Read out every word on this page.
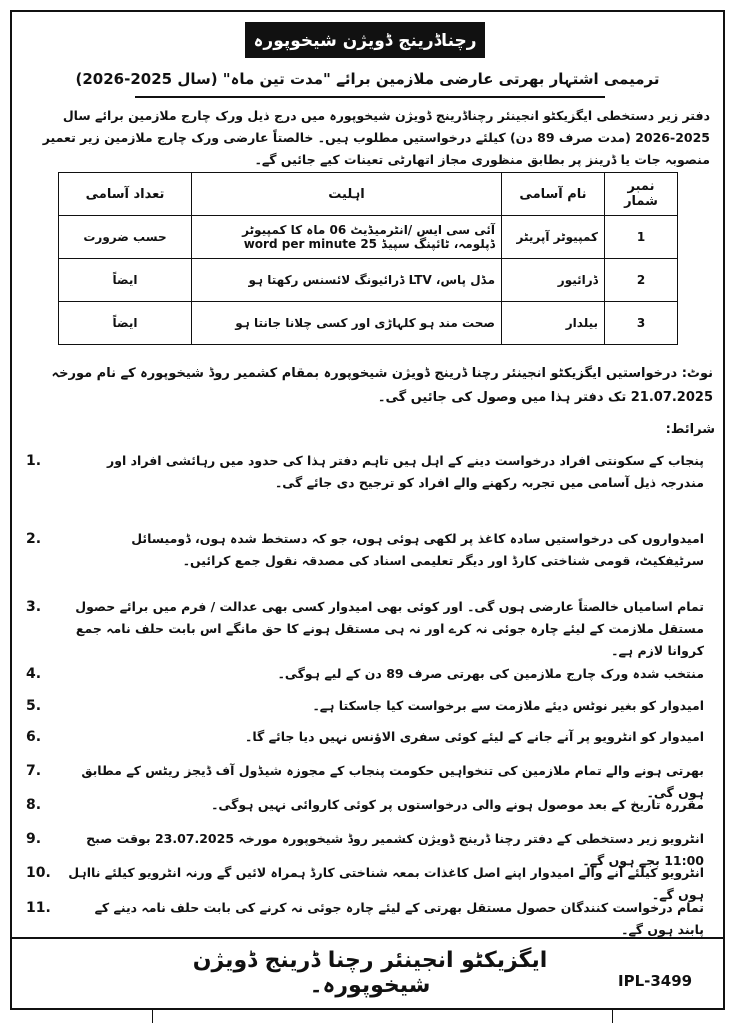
رچناڈرینج ڈویژن شیخوپورہ
ترمیمی اشتہار بھرتی عارضی ملازمین برائے "مدت تین ماہ" (سال 2025-2026)
دفتر زیر دستخطی ایگزیکٹو انجینئر رچناڈرینج ڈویژن شیخوپورہ میں درج ذیل ورک چارج ملازمین برائے سال 2025-2026 (مدت صرف 89 دن) کیلئے درخواستیں مطلوب ہیں۔ خالصتاً عارضی ورک چارج ملازمین زیر تعمیر منصوبہ جات یا ڈرینز پر بطابق منظوری مجاز اتھارٹی تعینات کیے جائیں گے۔
نمبر شمار	نام آسامی	اہلیت	تعداد آسامی
1	کمپیوٹر آپریٹر	آئی سی ایس /انٹرمیڈیٹ 06 ماہ کا کمپیوٹر ڈپلومہ، ٹائپنگ سپیڈ 25 word per minute	حسب ضرورت
2	ڈرائیور	مڈل پاس، LTV ڈرائیونگ لائسنس رکھتا ہو	ایضاً
3	بیلدار	صحت مند ہو کلہاڑی اور کسی چلانا جانتا ہو	ایضاً
نوٹ: درخواستیں ایگزیکٹو انجینئر رچنا ڈرینج ڈویژن شیخوپورہ بمقام کشمیر روڈ شیخوپورہ کے نام مورخہ 21.07.2025 تک دفتر ہذا میں وصول کی جائیں گی۔
شرائط:
1.	پنجاب کے سکونتی افراد درخواست دینے کے اہل ہیں تاہم دفتر ہذا کی حدود میں رہائشی افراد اور مندرجہ ذیل آسامی میں تجربہ رکھنے والے افراد کو ترجیح دی جائے گی۔
2.	امیدواروں کی درخواستیں سادہ کاغذ پر لکھی ہوئی ہوں، جو کہ دستخط شدہ ہوں، ڈومیسائل سرٹیفکیٹ، قومی شناختی کارڈ اور دیگر تعلیمی اسناد کی مصدقہ نقول جمع کرائیں۔
3.	تمام اسامیاں خالصتاً عارضی ہوں گی۔ اور کوئی بھی امیدوار کسی بھی عدالت / فرم میں برائے حصول مستقل ملازمت کے لیئے چارہ جوئی نہ کرے اور نہ ہی مستقل ہونے کا حق مانگے اس بابت حلف نامہ جمع کروانا لازم ہے۔
4.	منتخب شدہ ورک چارج ملازمین کی بھرتی صرف 89 دن کے لیے ہوگی۔
5.	امیدوار کو بغیر نوٹس دیئے ملازمت سے برخواست کیا جاسکتا ہے۔
6.	امیدوار کو انٹرویو پر آنے جانے کے لیئے کوئی سفری الاؤنس نہیں دیا جائے گا۔
7.	بھرتی ہونے والے تمام ملازمین کی تنخواہیں حکومت پنجاب کے مجوزہ شیڈول آف ڈیجز ریٹس کے مطابق ہوں گی۔
8.	مقررہ تاریخ کے بعد موصول ہونے والی درخواستوں پر کوئی کاروائی نہیں ہوگی۔
9.	انٹرویو زیر دستخطی کے دفتر رچنا ڈرینج ڈویژن کشمیر روڈ شیخوپورہ مورخہ 23.07.2025 بوقت صبح 11:00 بجے ہوں گے۔
10.	انٹرویو کیلئے آنے والے امیدوار اپنے اصل کاغذات بمعہ شناختی کارڈ ہمراہ لائیں گے ورنہ انٹرویو کیلئے نااہل ہوں گے۔
11.	تمام درخواست کنندگان حصول مستقل بھرتی کے لیئے چارہ جوئی نہ کرنے کی بابت حلف نامہ دینے کے پابند ہوں گے۔
ایگزیکٹو انجینئر رچنا ڈرینج ڈویژن شیخوپورہ۔	IPL-3499
